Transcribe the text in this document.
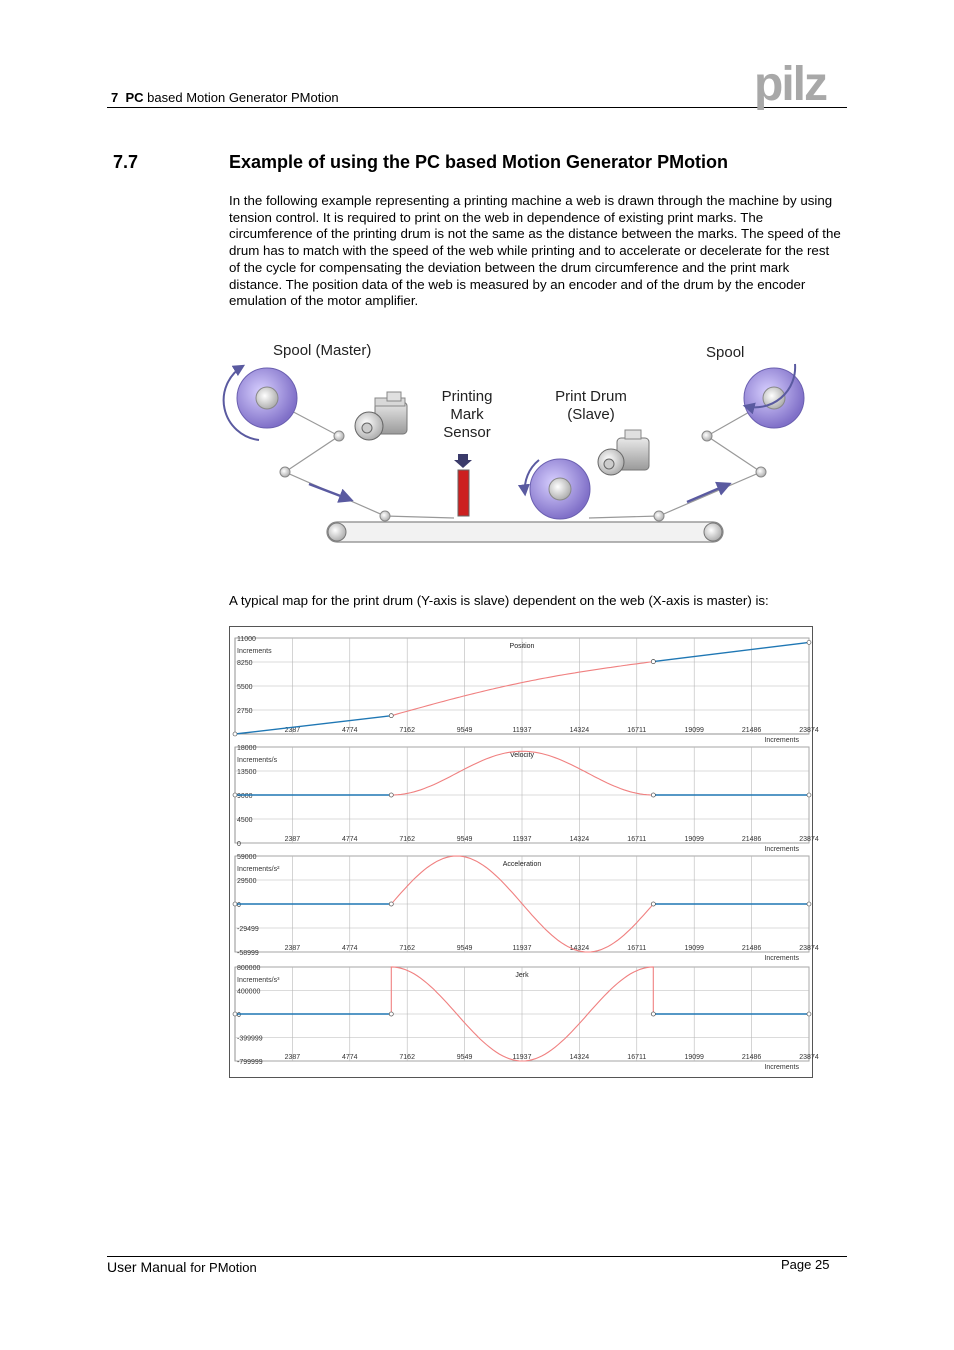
7 PC based Motion Generator PMotion	pilz
7.7	Example of using the PC based Motion Generator PMotion
In the following example representing a printing machine a web is drawn through the machine by using tension control. It is required to print on the web in dependence of existing print marks. The circumference of the printing drum is not the same as the distance between the marks. The speed of the drum has to match with the speed of the web while printing and to accelerate or decelerate for the rest of the cycle for compensating the deviation between the drum circumference and the print mark distance. The position data of the web is measured by an encoder and of the drum by the encoder emulation of the motor amplifier.
Spool (Master)	Spool
Printing
Mark
Sensor
Print Drum
(Slave)
A typical map for the print drum (Y-axis is slave) dependent on the web (X-axis is master) is:
2387	4774	7162	9549	11937	14324	16711	19099	21486	23874
11000
8250
5500
2750
Increments
Increments
Position
2387	4774	7162	9549	11937	14324	16711	19099	21486	23874
18000
13500
9000
4500
0
Increments/s
Increments
Velocity
2387	4774	7162	9549	11937	14324	16711	19099	21486	23874
59000
29500
0
-29499
-58999
Increments/s²
Increments
Acceleration
2387	4774	7162	9549	11937	14324	16711	19099	21486	23874
800000
400000
0
-399999
-799999
Increments/s³
Increments
Jerk
User Manual for PMotion	Page 25
